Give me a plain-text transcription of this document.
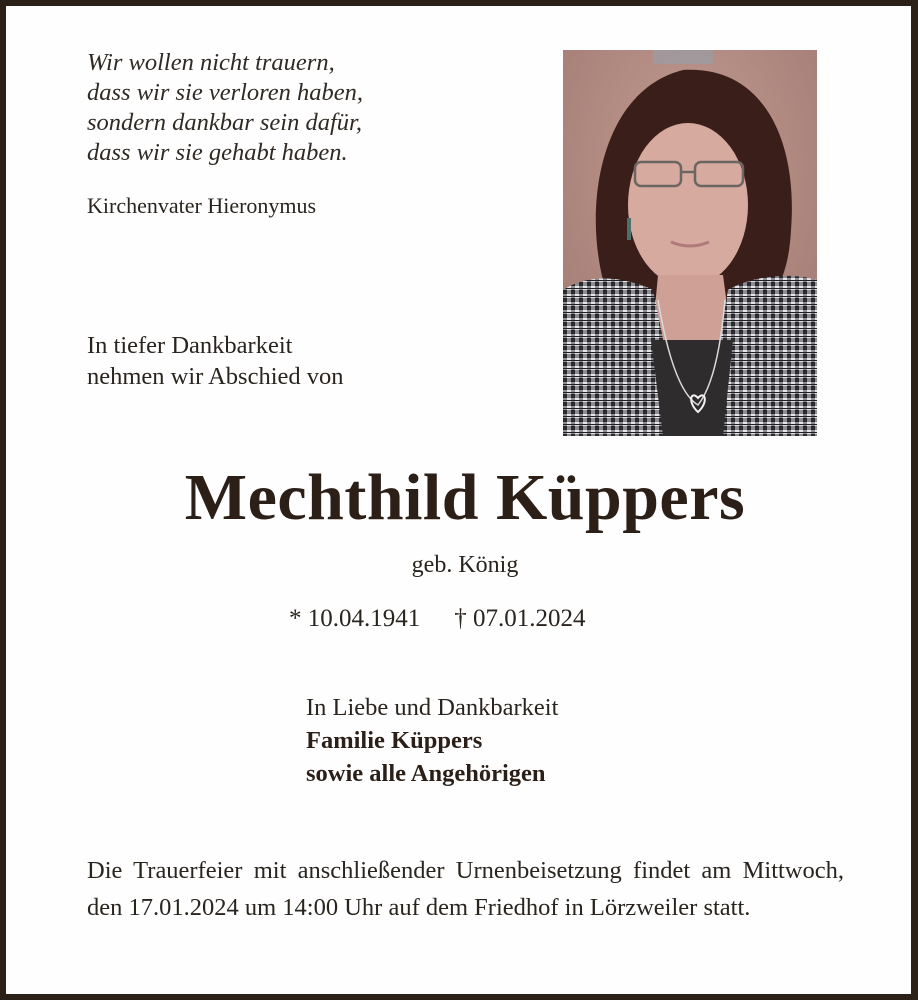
Wir wollen nicht trauern,
dass wir sie verloren haben,
sondern dankbar sein dafür,
dass wir sie gehabt haben.
Kirchenvater Hieronymus
In tiefer Dankbarkeit
nehmen wir Abschied von
Mechthild Küppers
geb. König
* 10.04.1941 † 07.01.2024
In Liebe und Dankbarkeit
Familie Küppers
sowie alle Angehörigen
Die Trauerfeier mit anschließender Urnenbeisetzung findet am Mittwoch, den 17.01.2024 um 14:00 Uhr auf dem Friedhof in Lörzweiler statt.
